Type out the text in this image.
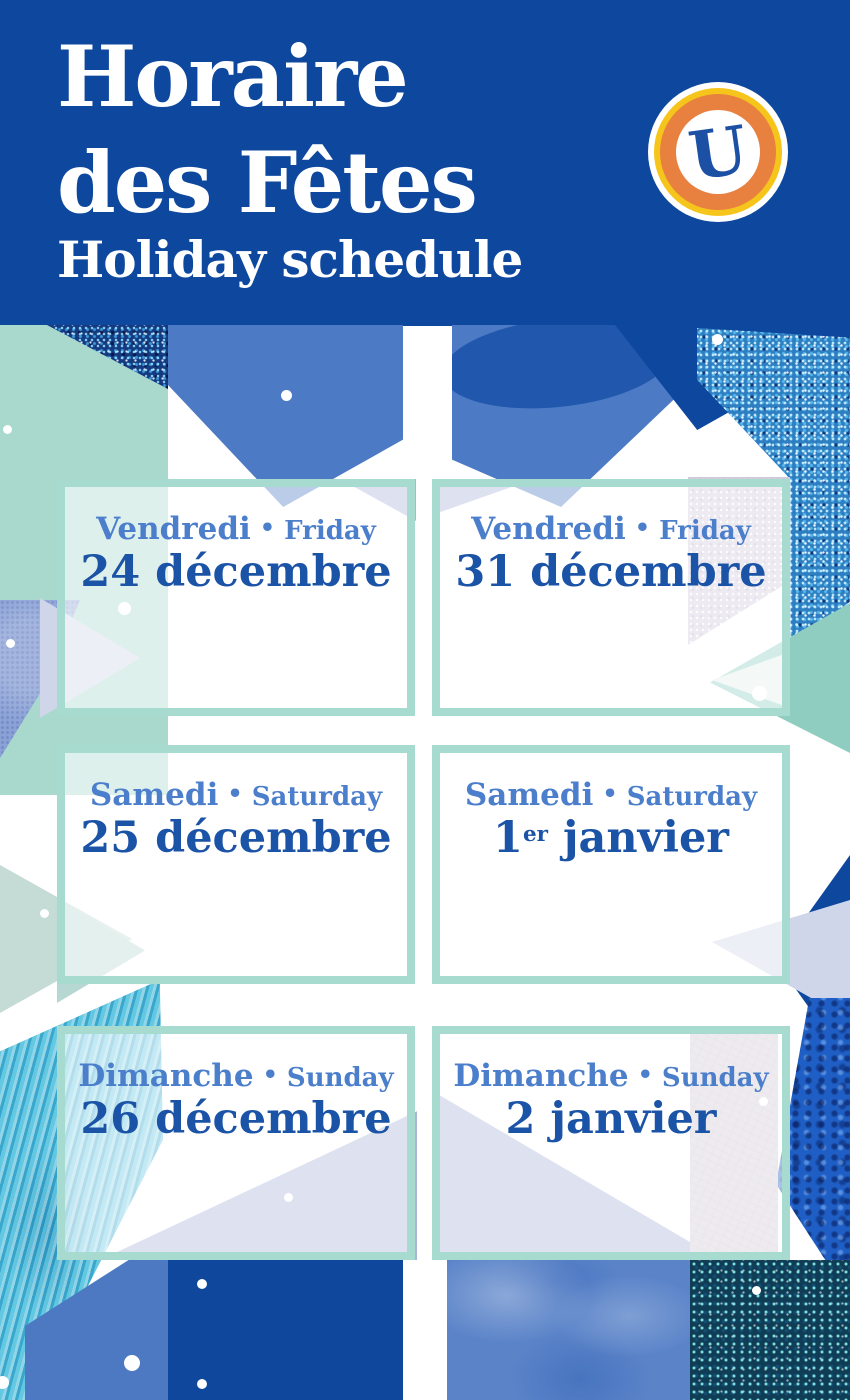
Horaire
des Fêtes
Holiday schedule
U
Vendredi • Friday
24 décembre
Vendredi • Friday
31 décembre
Samedi • Saturday
25 décembre
Samedi • Saturday
1er janvier
Dimanche • Sunday
26 décembre
Dimanche • Sunday
2 janvier
